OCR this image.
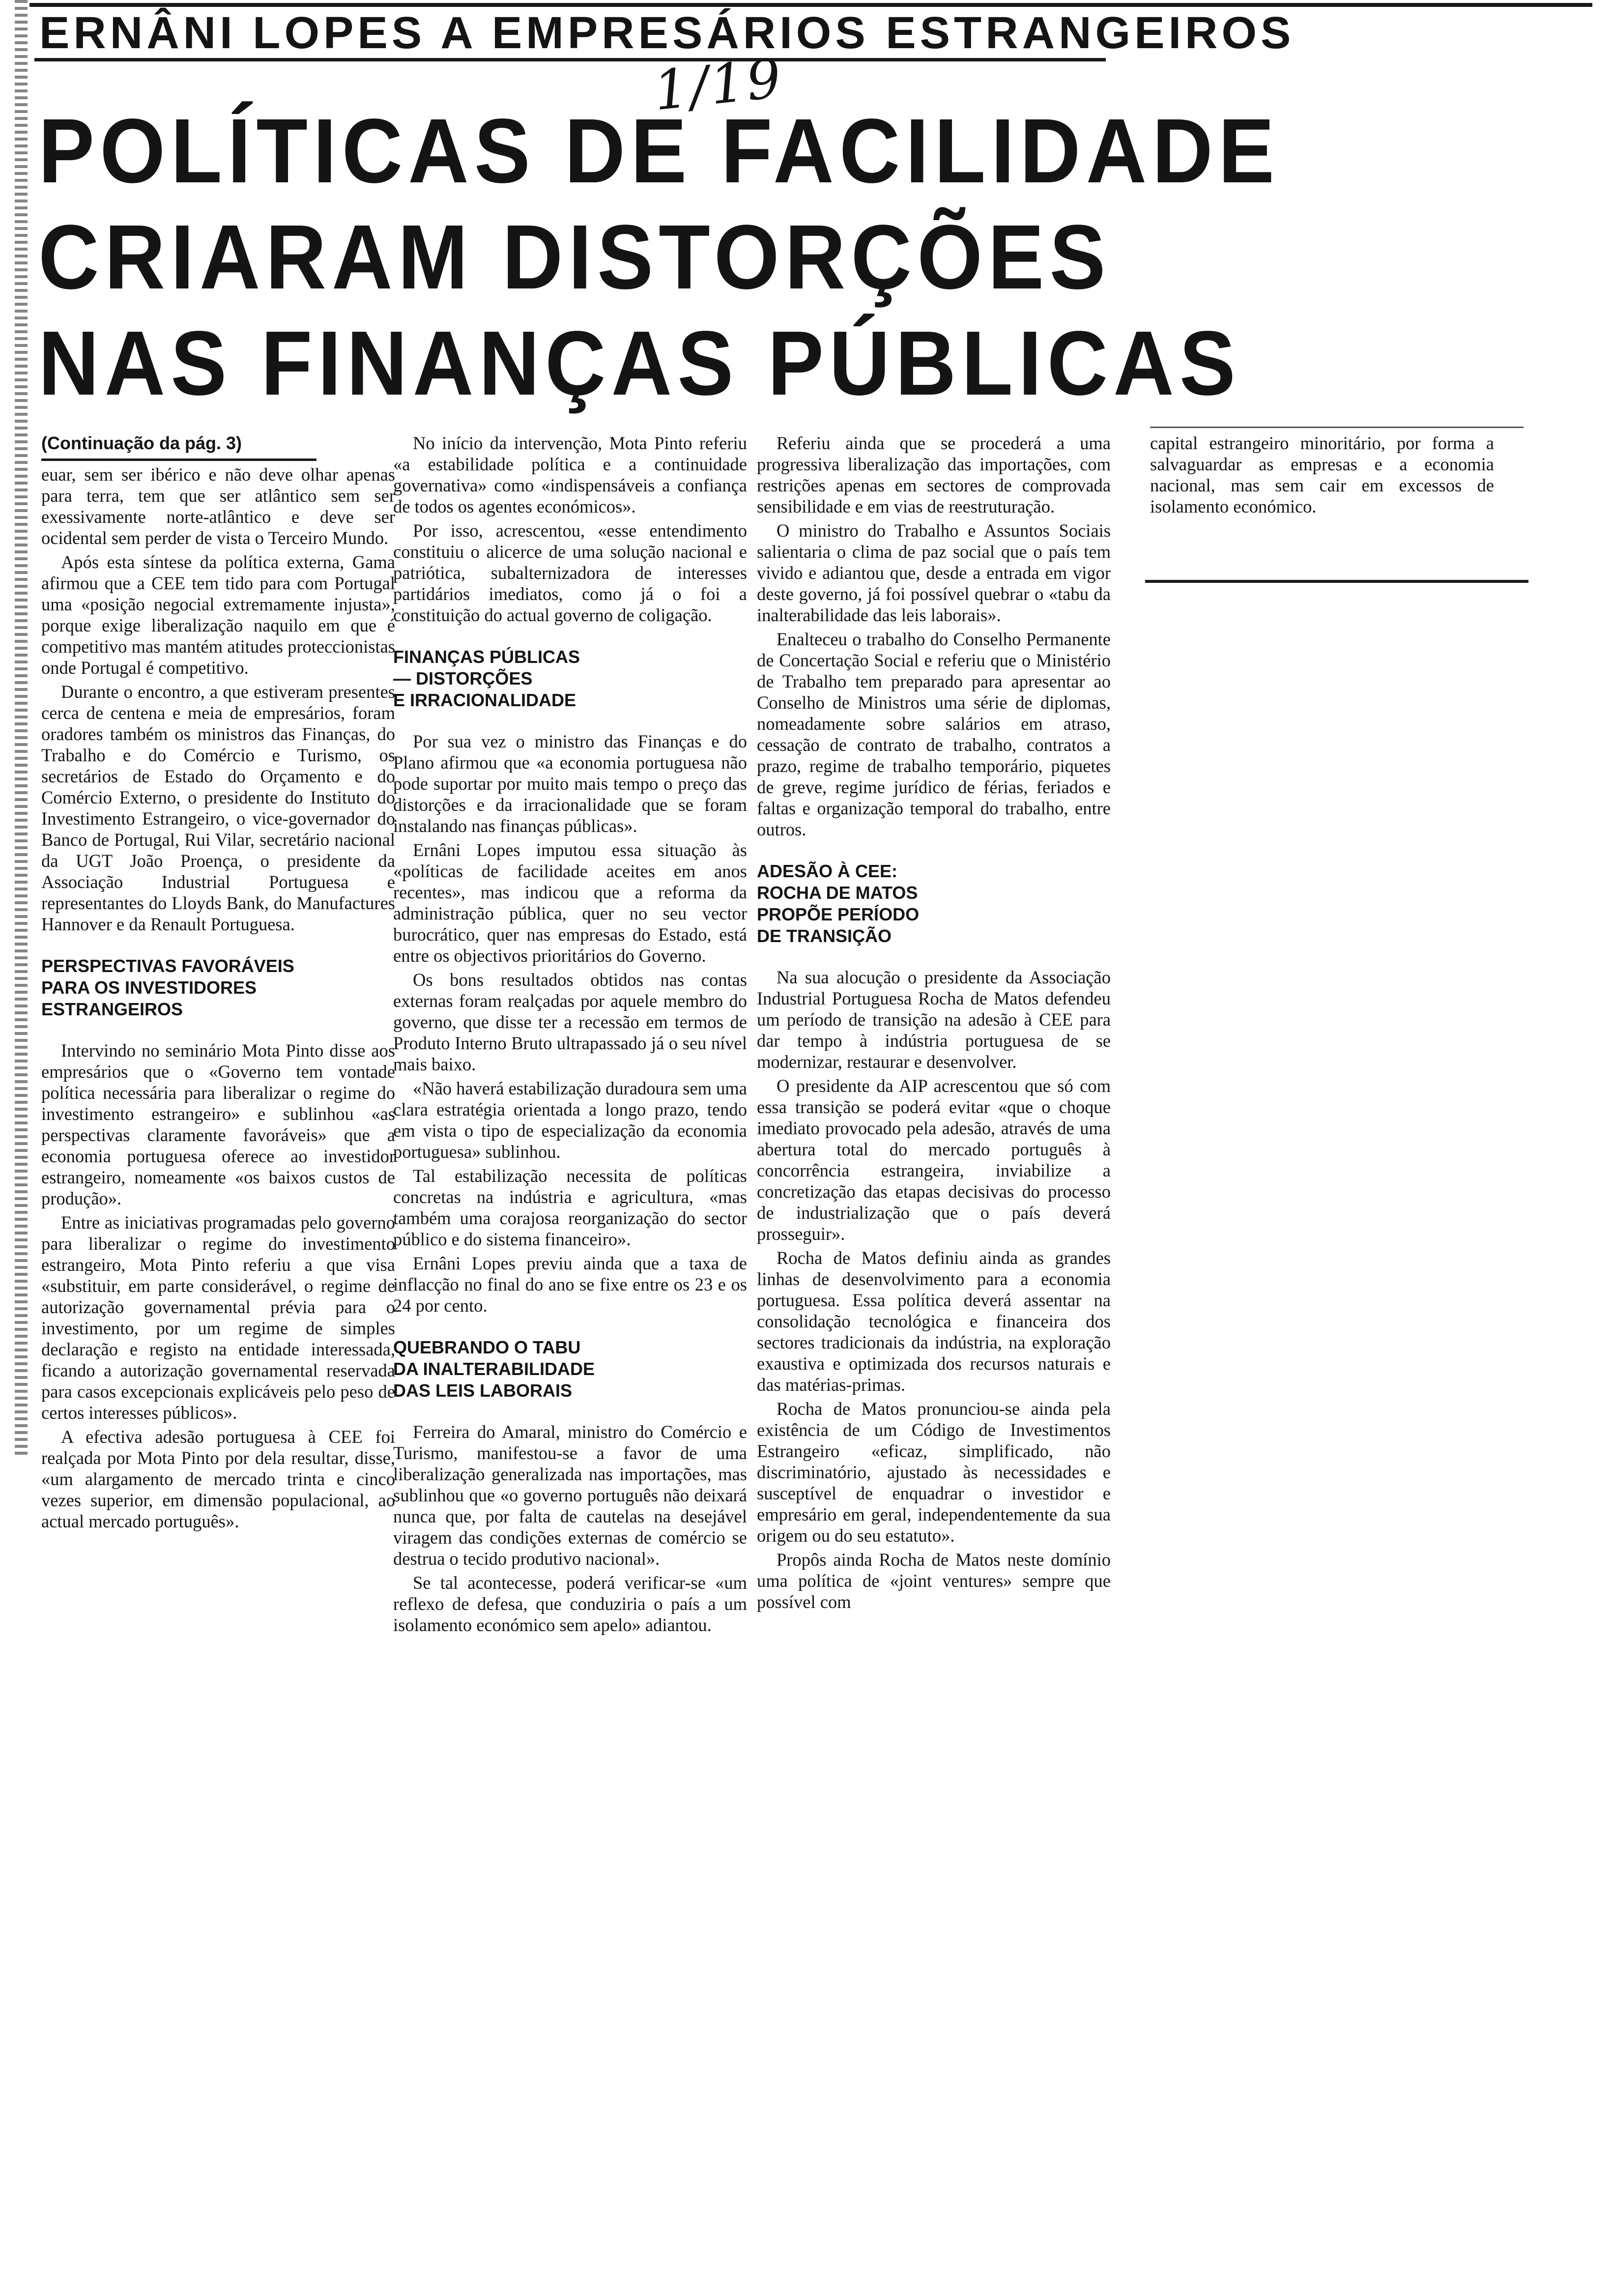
ERNÂNI LOPES A EMPRESÁRIOS ESTRANGEIROS
1/19
POLÍTICAS DE FACILIDADE
CRIARAM DISTORÇÕES
NAS FINANÇAS PÚBLICAS
(Continuação da pág. 3)

euar, sem ser ibérico e não deve olhar apenas para terra, tem que ser atlântico sem ser exessivamente norte-atlântico e deve ser ocidental sem perder de vista o Terceiro Mundo.

Após esta síntese da política externa, Gama afirmou que a CEE tem tido para com Portugal uma «posição negocial extremamente injusta», porque exige liberalização naquilo em que é competitivo mas mantém atitudes proteccionistas onde Portugal é competitivo.

Durante o encontro, a que estiveram presentes cerca de centena e meia de empresários, foram oradores também os ministros das Finanças, do Trabalho e do Comércio e Turismo, os secretários de Estado do Orçamento e do Comércio Externo, o presidente do Instituto do Investimento Estrangeiro, o vice-governador do Banco de Portugal, Rui Vilar, secretário nacional da UGT João Proença, o presidente da Associação Industrial Portuguesa e representantes do Lloyds Bank, do Manufactures Hannover e da Renault Portuguesa.

PERSPECTIVAS FAVORÁVEIS
PARA OS INVESTIDORES
ESTRANGEIROS

Intervindo no seminário Mota Pinto disse aos empresários que o «Governo tem vontade política necessária para liberalizar o regime do investimento estrangeiro» e sublinhou «as perspectivas claramente favoráveis» que a economia portuguesa oferece ao investidor estrangeiro, nomeamente «os baixos custos de produção».

Entre as iniciativas programadas pelo governo para liberalizar o regime do investimento estrangeiro, Mota Pinto referiu a que visa «substituir, em parte considerável, o regime de autorização governamental prévia para o investimento, por um regime de simples declaração e registo na entidade interessada, ficando a autorização governamental reservada para casos excepcionais explicáveis pelo peso de certos interesses públicos».

A efectiva adesão portuguesa à CEE foi realçada por Mota Pinto por dela resultar, disse, «um alargamento de mercado trinta e cinco vezes superior, em dimensão populacional, ao actual mercado português».

No início da intervenção, Mota Pinto referiu «a estabilidade política e a continuidade governativa» como «indispensáveis a confiança de todos os agentes económicos».

Por isso, acrescentou, «esse entendimento constituiu o alicerce de uma solução nacional e patriótica, subalternizadora de interesses partidários imediatos, como já o foi a constituição do actual governo de coligação.

FINANÇAS PÚBLICAS
— DISTORÇÕES
E IRRACIONALIDADE

Por sua vez o ministro das Finanças e do Plano afirmou que «a economia portuguesa não pode suportar por muito mais tempo o preço das distorções e da irracionalidade que se foram instalando nas finanças públicas».

Ernâni Lopes imputou essa situação às «políticas de facilidade aceites em anos recentes», mas indicou que a reforma da administração pública, quer no seu vector burocrático, quer nas empresas do Estado, está entre os objectivos prioritários do Governo.

Os bons resultados obtidos nas contas externas foram realçadas por aquele membro do governo, que disse ter a recessão em termos de Produto Interno Bruto ultrapassado já o seu nível mais baixo.

«Não haverá estabilização duradoura sem uma clara estratégia orientada a longo prazo, tendo em vista o tipo de especialização da economia portuguesa» sublinhou.

Tal estabilização necessita de políticas concretas na indústria e agricultura, «mas também uma corajosa reorganização do sector público e do sistema financeiro».

Ernâni Lopes previu ainda que a taxa de inflacção no final do ano se fixe entre os 23 e os 24 por cento.

QUEBRANDO O TABU
DA INALTERABILIDADE
DAS LEIS LABORAIS

Ferreira do Amaral, ministro do Comércio e Turismo, manifestou-se a favor de uma liberalização generalizada nas importações, mas sublinhou que «o governo português não deixará nunca que, por falta de cautelas na desejável viragem das condições externas de comércio se destrua o tecido produtivo nacional».

Se tal acontecesse, poderá verificar-se «um reflexo de defesa, que conduziria o país a um isolamento económico sem apelo» adiantou.

Referiu ainda que se procederá a uma progressiva liberalização das importações, com restrições apenas em sectores de comprovada sensibilidade e em vias de reestruturação.

O ministro do Trabalho e Assuntos Sociais salientaria o clima de paz social que o país tem vivido e adiantou que, desde a entrada em vigor deste governo, já foi possível quebrar o «tabu da inalterabilidade das leis laborais».

Enalteceu o trabalho do Conselho Permanente de Concertação Social e referiu que o Ministério de Trabalho tem preparado para apresentar ao Conselho de Ministros uma série de diplomas, nomeadamente sobre salários em atraso, cessação de contrato de trabalho, contratos a prazo, regime de trabalho temporário, piquetes de greve, regime jurídico de férias, feriados e faltas e organização temporal do trabalho, entre outros.

ADESÃO À CEE:
ROCHA DE MATOS
PROPÕE PERÍODO
DE TRANSIÇÃO

Na sua alocução o presidente da Associação Industrial Portuguesa Rocha de Matos defendeu um período de transição na adesão à CEE para dar tempo à indústria portuguesa de se modernizar, restaurar e desenvolver.

O presidente da AIP acrescentou que só com essa transição se poderá evitar «que o choque imediato provocado pela adesão, através de uma abertura total do mercado português à concorrência estrangeira, inviabilize a concretização das etapas decisivas do processo de industrialização que o país deverá prosseguir».

Rocha de Matos definiu ainda as grandes linhas de desenvolvimento para a economia portuguesa. Essa política deverá assentar na consolidação tecnológica e financeira dos sectores tradicionais da indústria, na exploração exaustiva e optimizada dos recursos naturais e das matérias-primas.

Rocha de Matos pronunciou-se ainda pela existência de um Código de Investimentos Estrangeiro «eficaz, simplificado, não discriminatório, ajustado às necessidades e susceptível de enquadrar o investidor e empresário em geral, independentemente da sua origem ou do seu estatuto».

Propôs ainda Rocha de Matos neste domínio uma política de «joint ventures» sempre que possível com

capital estrangeiro minoritário, por forma a salvaguardar as empresas e a economia nacional, mas sem cair em excessos de isolamento económico.
